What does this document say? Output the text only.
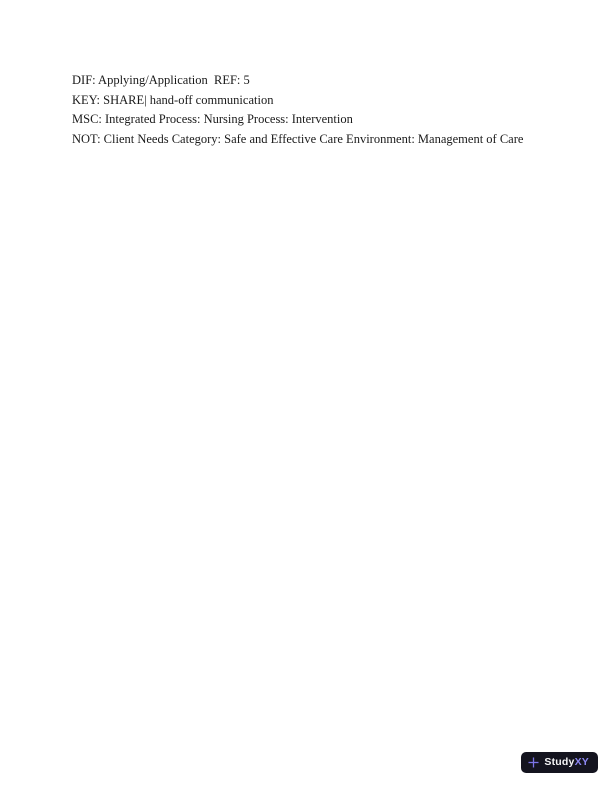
DIF: Applying/Application  REF: 5

KEY: SHARE| hand-off communication

MSC: Integrated Process: Nursing Process: Intervention

NOT: Client Needs Category: Safe and Effective Care Environment: Management of Care

StudyXY
